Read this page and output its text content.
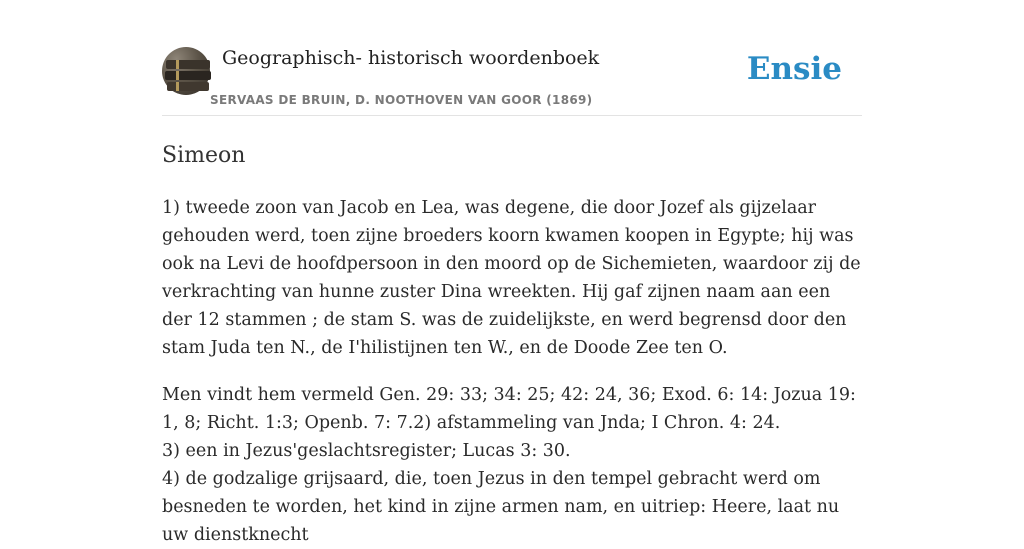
Geographisch- historisch woordenboek
SERVAAS DE BRUIN, D. NOOTHOVEN VAN GOOR (1869)
Ensie
Simeon

1) tweede zoon van Jacob en Lea, was degene, die door Jozef als gijzelaar gehouden werd, toen zijne broeders koorn kwamen koopen in Egypte; hij was ook na Levi de hoofdpersoon in den moord op de Sichemieten, waardoor zij de verkrachting van hunne zuster Dina wreekten. Hij gaf zijnen naam aan een der 12 stammen ; de stam S. was de zuidelijkste, en werd begrensd door den stam Juda ten N., de I'hilistijnen ten W., en de Doode Zee ten O.

Men vindt hem vermeld Gen. 29: 33; 34: 25; 42: 24, 36; Exod. 6: 14: Jozua 19: 1, 8; Richt. 1:3; Openb. 7: 7.2) afstammeling van Jnda; I Chron. 4: 24.
3) een in Jezus'geslachtsregister; Lucas 3: 30.
4) de godzalige grijsaard, die, toen Jezus in den tempel gebracht werd om besneden te worden, het kind in zijne armen nam, en uitriep: Heere, laat nu uw dienstknecht
